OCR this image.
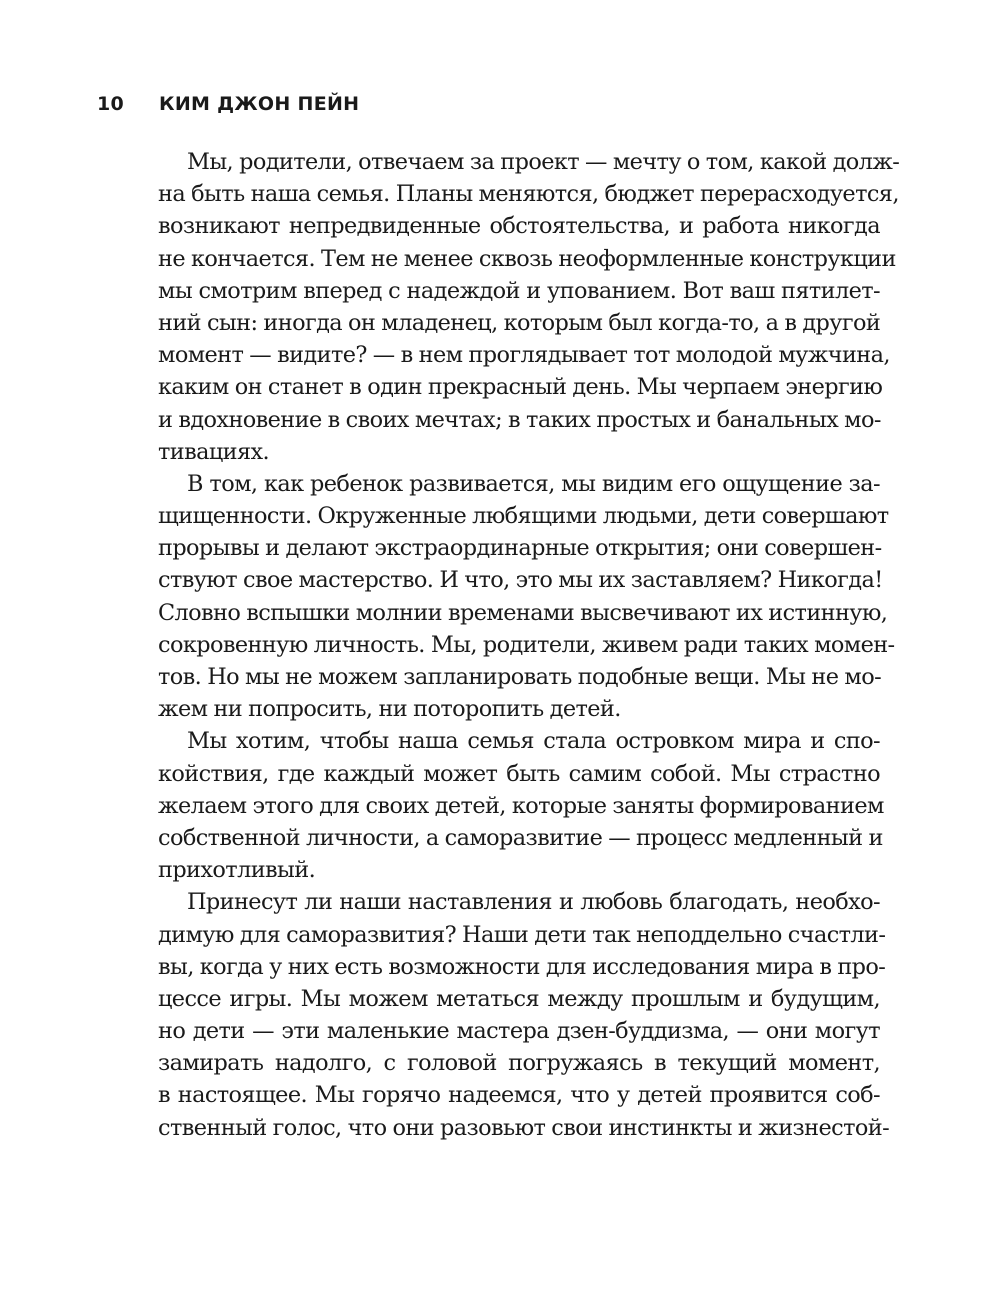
10 КИМ ДЖОН ПЕЙН

Мы, родители, отвечаем за проект — мечту о том, какой долж-
на быть наша семья. Планы меняются, бюджет перерасходуется,
возникают непредвиденные обстоятельства, и работа никогда
не кончается. Тем не менее сквозь неоформленные конструкции
мы смотрим вперед с надеждой и упованием. Вот ваш пятилет-
ний сын: иногда он младенец, которым был когда-то, а в другой
момент — видите? — в нем проглядывает тот молодой мужчина,
каким он станет в один прекрасный день. Мы черпаем энергию
и вдохновение в своих мечтах; в таких простых и банальных мо-
тивациях.

В том, как ребенок развивается, мы видим его ощущение за-
щищенности. Окруженные любящими людьми, дети совершают
прорывы и делают экстраординарные открытия; они совершен-
ствуют свое мастерство. И что, это мы их заставляем? Никогда!
Словно вспышки молнии временами высвечивают их истинную,
сокровенную личность. Мы, родители, живем ради таких момен-
тов. Но мы не можем запланировать подобные вещи. Мы не мо-
жем ни попросить, ни поторопить детей.

Мы хотим, чтобы наша семья стала островком мира и спо-
койствия, где каждый может быть самим собой. Мы страстно
желаем этого для своих детей, которые заняты формированием
собственной личности, а саморазвитие — процесс медленный и
прихотливый.

Принесут ли наши наставления и любовь благодать, необхо-
димую для саморазвития? Наши дети так неподдельно счастли-
вы, когда у них есть возможности для исследования мира в про-
цессе игры. Мы можем метаться между прошлым и будущим,
но дети — эти маленькие мастера дзен-буддизма, — они могут
замирать надолго, с головой погружаясь в текущий момент,
в настоящее. Мы горячо надеемся, что у детей проявится соб-
ственный голос, что они разовьют свои инстинкты и жизнестой-
